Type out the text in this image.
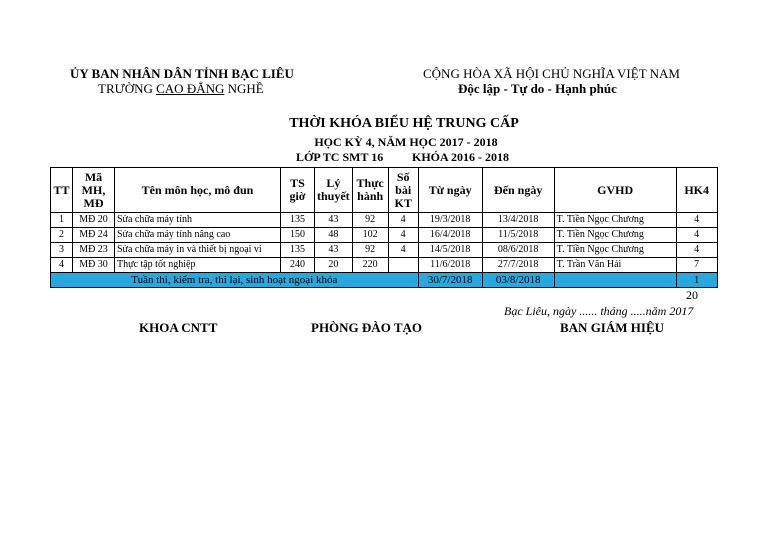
ỦY BAN NHÂN DÂN TỈNH BẠC LIÊU
TRƯỜNG CAO ĐẲNG NGHỀ
CỘNG HÒA XÃ HỘI CHỦ NGHĨA VIỆT NAM
Độc lập - Tự do - Hạnh phúc
THỜI KHÓA BIỂU HỆ TRUNG CẤP
HỌC KỲ 4, NĂM HỌC 2017 - 2018
LỚP TC SMT 16 KHÓA 2016 - 2018
TT	Mã MH, MĐ	Tên môn học, mô đun	TS giờ	Lý thuyết	Thực hành	Số bài KT	Từ ngày	Đến ngày	GVHD	HK4
1	MĐ 20	Sửa chữa máy tính	135	43	92	4	19/3/2018	13/4/2018	T. Tiền Ngọc Chương	4
2	MĐ 24	Sửa chữa máy tính nâng cao	150	48	102	4	16/4/2018	11/5/2018	T. Tiền Ngọc Chương	4
3	MĐ 23	Sửa chữa máy in và thiết bị ngoại vi	135	43	92	4	14/5/2018	08/6/2018	T. Tiền Ngọc Chương	4
4	MĐ 30	Thực tập tốt nghiệp	240	20	220		11/6/2018	27/7/2018	T. Trần Văn Hải	7
Tuần thi, kiểm tra, thi lại, sinh hoạt ngoại khóa							30/7/2018	03/8/2018		1
20
Bạc Liêu, ngày ...... tháng .....năm 2017
KHOA CNTT	PHÒNG ĐÀO TẠO	BAN GIÁM HIỆU
